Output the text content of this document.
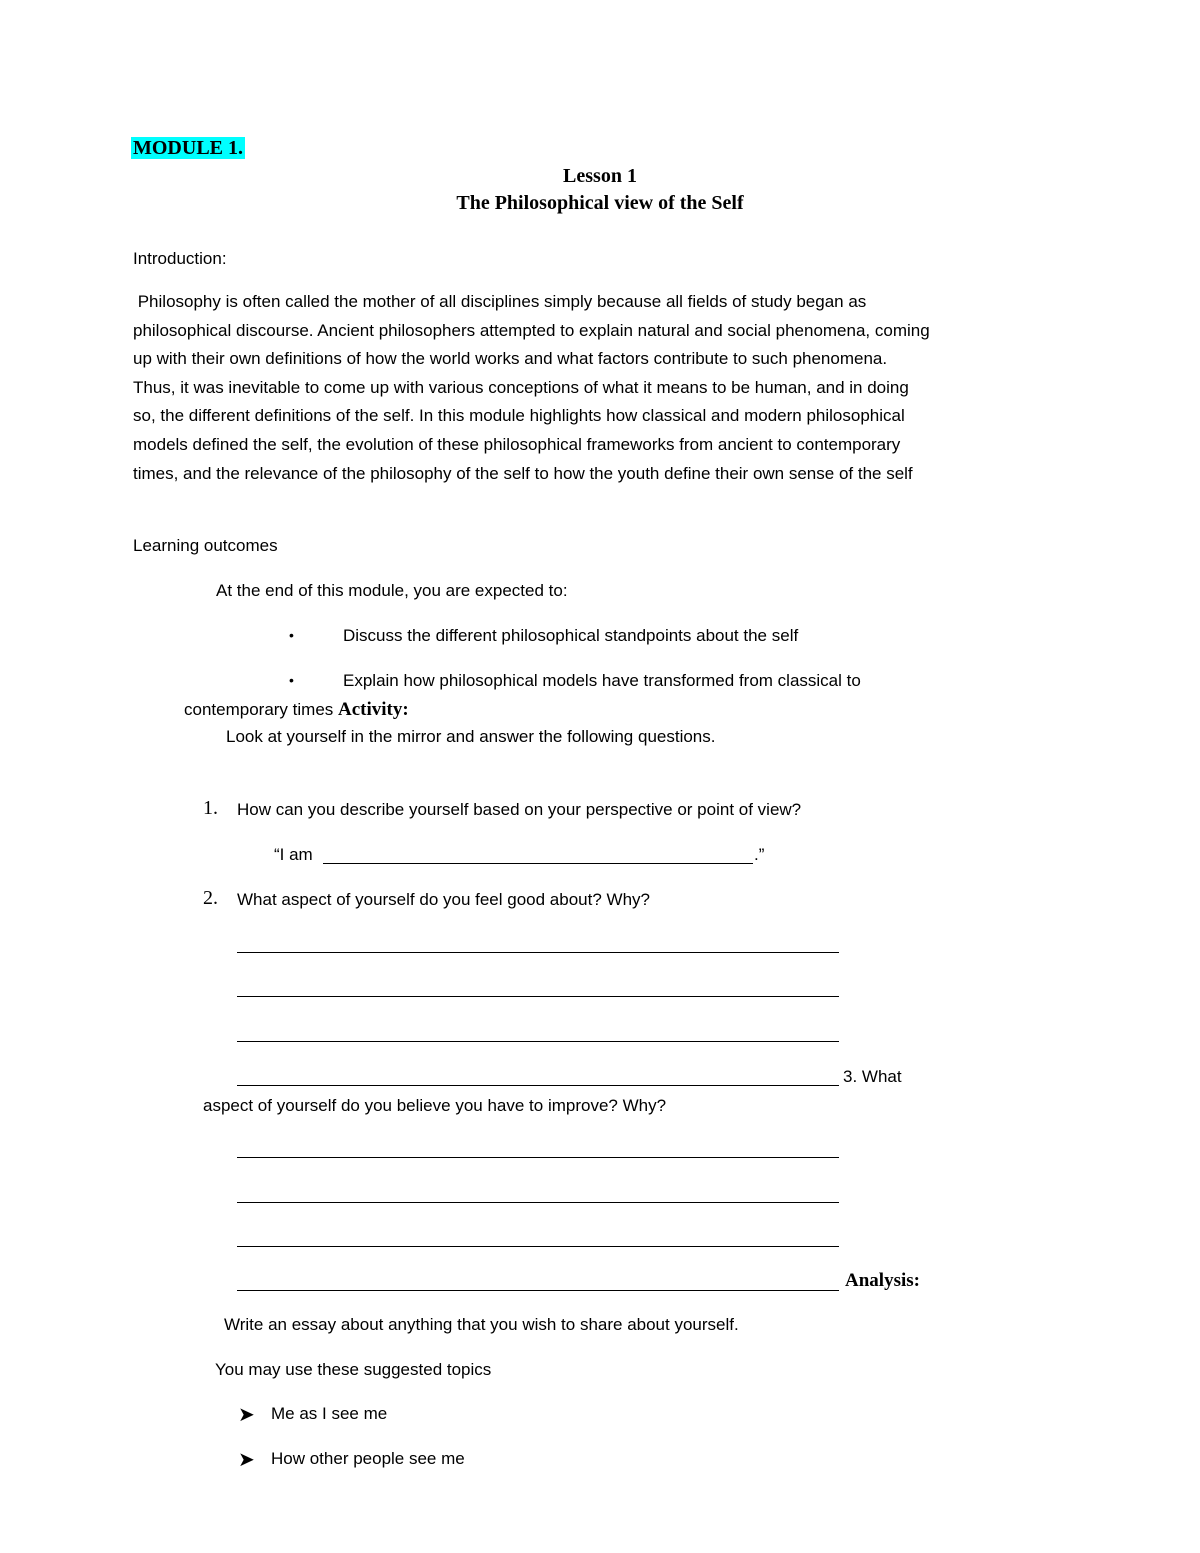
MODULE 1.
Lesson 1
The Philosophical view of the Self
Introduction:
Philosophy is often called the mother of all disciplines simply because all fields of study began as
philosophical discourse. Ancient philosophers attempted to explain natural and social phenomena, coming
up with their own definitions of how the world works and what factors contribute to such phenomena.
Thus, it was inevitable to come up with various conceptions of what it means to be human, and in doing
so, the different definitions of the self. In this module highlights how classical and modern philosophical
models defined the self, the evolution of these philosophical frameworks from ancient to contemporary
times, and the relevance of the philosophy of the self to how the youth define their own sense of the self
Learning outcomes
At the end of this module, you are expected to:
•	Discuss the different philosophical standpoints about the self
•	Explain how philosophical models have transformed from classical to
contemporary times Activity:
Look at yourself in the mirror and answer the following questions.
1. How can you describe yourself based on your perspective or point of view?
“I am	.”
2. What aspect of yourself do you feel good about? Why?
3. What
aspect of yourself do you believe you have to improve? Why?
Analysis:
Write an essay about anything that you wish to share about yourself.
You may use these suggested topics
➤ Me as I see me
➤ How other people see me
